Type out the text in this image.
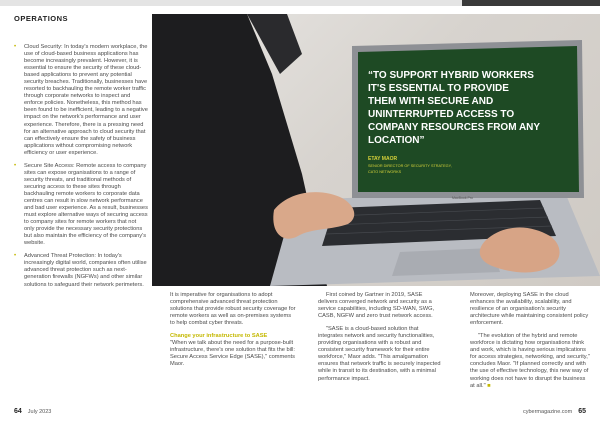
OPERATIONS
• Cloud Security: In today's modern workplace, the use of cloud-based business applications has become increasingly prevalent. However, it is essential to ensure the security of these cloud-based applications to prevent any potential security breaches. Traditionally, businesses have resorted to backhauling the remote worker traffic through corporate networks to inspect and enforce policies. Nonetheless, this method has been found to be inefficient, leading to a negative impact on the network's performance and user experience. Therefore, there is a pressing need for an alternative approach to cloud security that can effectively ensure the safety of business applications without compromising network efficiency or user experience.
• Secure Site Access: Remote access to company sites can expose organisations to a range of security threats, and traditional methods of securing access to these sites through backhauling remote workers to corporate data centres can result in slow network performance and bad user experience. As a result, businesses must explore alternative ways of securing access to company sites for remote workers that not only provide the necessary security protections but also maintain the efficiency of the company's website.
• Advanced Threat Protection: In today's increasingly digital world, companies often utilise advanced threat protection such as next-generation firewalls (NGFWs) and other similar solutions to safeguard their network perimeters.
MacBook Pro
“TO SUPPORT HYBRID WORKERS IT'S ESSENTIAL TO PROVIDE THEM WITH SECURE AND UNINTERRUPTED ACCESS TO COMPANY RESOURCES FROM ANY LOCATION”
ETAY MAOR
SENIOR DIRECTOR OF SECURITY STRATEGY,
CATO NETWORKS

It is imperative for organisations to adopt comprehensive advanced threat protection solutions that provide robust security coverage for remote workers as well as on-premises systems to help combat cyber threats.

Change your infrastructure to SASE

"When we talk about the need for a purpose-built infrastructure, there's one solution that fits the bill: Secure Access Service Edge (SASE)," comments Maor.

First coined by Gartner in 2019, SASE delivers converged network and security as a service capabilities, including SD-WAN, SWG, CASB, NGFW and zero trust network access.

"SASE is a cloud-based solution that integrates network and security functionalities, providing organisations with a robust and consistent security framework for their entire workforce," Maor adds. "This amalgamation ensures that network traffic is securely inspected while in transit to its destination, with a minimal performance impact.

Moreover, deploying SASE in the cloud enhances the availability, scalability, and resilience of an organisation's security architecture while maintaining consistent policy enforcement.

"The evolution of the hybrid and remote workforce is dictating how organisations think and work, which is having serious implications for access strategies, networking, and security," concludes Maor. "If planned correctly and with the use of effective technology, this new way of working does not have to disrupt the business at all." ■

64 July 2023	cybermagazine.com 65
